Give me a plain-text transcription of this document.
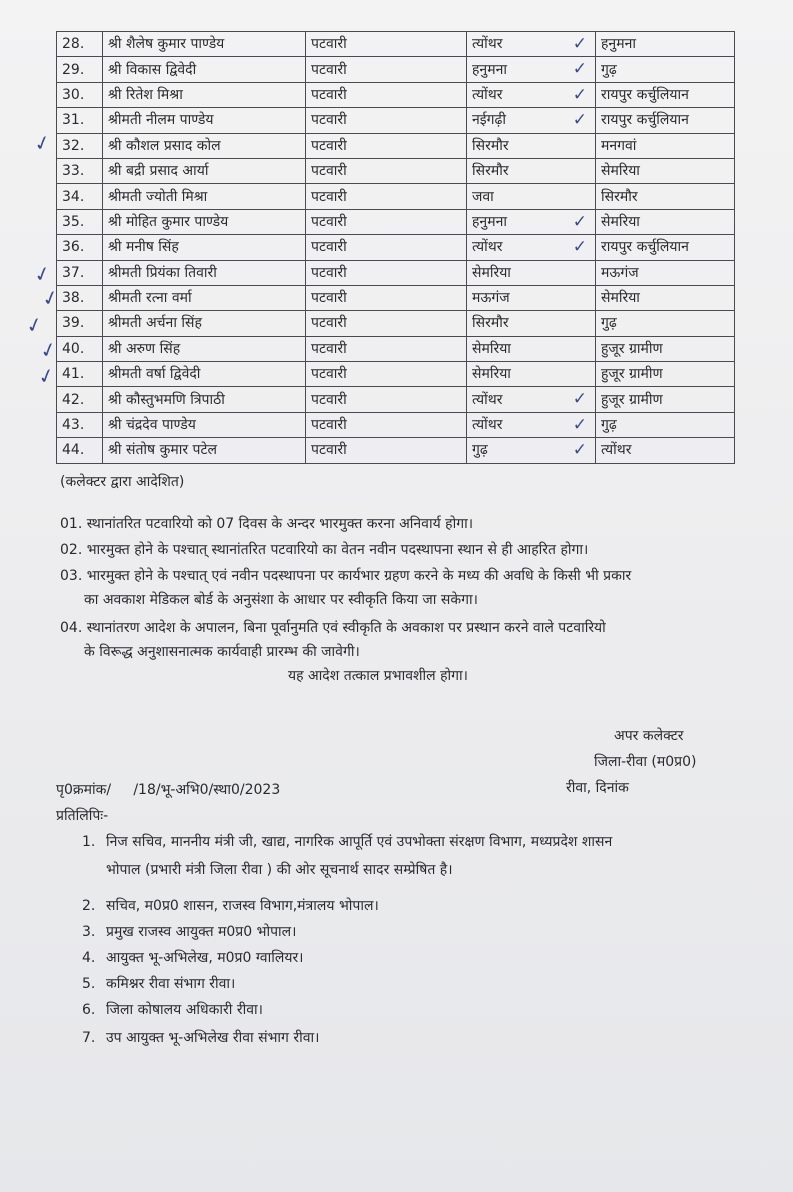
28.	श्री शैलेष कुमार पाण्डेय	पटवारी	त्योंथर ✓	हनुमना
29.	श्री विकास द्विवेदी	पटवारी	हनुमना ✓	गुढ़
30.	श्री रितेश मिश्रा	पटवारी	त्योंथर ✓	रायपुर कर्चुलियान
31.	श्रीमती नीलम पाण्डेय	पटवारी	नईगढ़ी ✓	रायपुर कर्चुलियान
32.	श्री कौशल प्रसाद कोल	पटवारी	सिरमौर	मनगवां
33.	श्री बद्री प्रसाद आर्या	पटवारी	सिरमौर	सेमरिया
34.	श्रीमती ज्योती मिश्रा	पटवारी	जवा	सिरमौर
35.	श्री मोहित कुमार पाण्डेय	पटवारी	हनुमना ✓	सेमरिया
36.	श्री मनीष सिंह	पटवारी	त्योंथर ✓	रायपुर कर्चुलियान
37.	श्रीमती प्रियंका तिवारी	पटवारी	सेमरिया	मऊगंज
38.	श्रीमती रत्ना वर्मा	पटवारी	मऊगंज	सेमरिया
39.	श्रीमती अर्चना सिंह	पटवारी	सिरमौर	गुढ़
40.	श्री अरुण सिंह	पटवारी	सेमरिया	हुजूर ग्रामीण
41.	श्रीमती वर्षा द्विवेदी	पटवारी	सेमरिया	हुजूर ग्रामीण
42.	श्री कौस्तुभमणि त्रिपाठी	पटवारी	त्योंथर ✓	हुजूर ग्रामीण
43.	श्री चंद्रदेव पाण्डेय	पटवारी	त्योंथर ✓	गुढ़
44.	श्री संतोष कुमार पटेल	पटवारी	गुढ़ ✓	त्योंथर
✓
✓
✓
✓
✓
✓
(कलेक्टर द्वारा आदेशित)
01. स्थानांतरित पटवारियो को 07 दिवस के अन्दर भारमुक्त करना अनिवार्य होगा।
02. भारमुक्त होने के पश्चात् स्थानांतरित पटवारियो का वेतन नवीन पदस्थापना स्थान से ही आहरित होगा।
03. भारमुक्त होने के पश्चात् एवं नवीन पदस्थापना पर कार्यभार ग्रहण करने के मध्य की अवधि के किसी भी प्रकार
का अवकाश मेडिकल बोर्ड के अनुसंशा के आधार पर स्वीकृति किया जा सकेगा।
04. स्थानांतरण आदेश के अपालन, बिना पूर्वानुमति एवं स्वीकृति के अवकाश पर प्रस्थान करने वाले पटवारियो
के विरूद्ध अनुशासनात्मक कार्यवाही प्रारम्भ की जावेगी।
यह आदेश तत्काल प्रभावशील होगा।
अपर कलेक्टर
जिला-रीवा (म0प्र0)
रीवा, दिनांक
पृ0क्रमांक/     /18/भू-अभि0/स्था0/2023
प्रतिलिपिः-
1. निज सचिव, माननीय मंत्री जी, खाद्य, नागरिक आपूर्ति एवं उपभोक्ता संरक्षण विभाग, मध्यप्रदेश शासन
भोपाल (प्रभारी मंत्री जिला रीवा ) की ओर सूचनार्थ सादर सम्प्रेषित है।
2. सचिव, म0प्र0 शासन, राजस्व विभाग,मंत्रालय भोपाल।
3. प्रमुख राजस्व आयुक्त म0प्र0 भोपाल।
4. आयुक्त भू-अभिलेख, म0प्र0 ग्वालियर।
5. कमिश्नर रीवा संभाग रीवा।
6. जिला कोषालय अधिकारी रीवा।
7. उप आयुक्त भू-अभिलेख रीवा संभाग रीवा।
